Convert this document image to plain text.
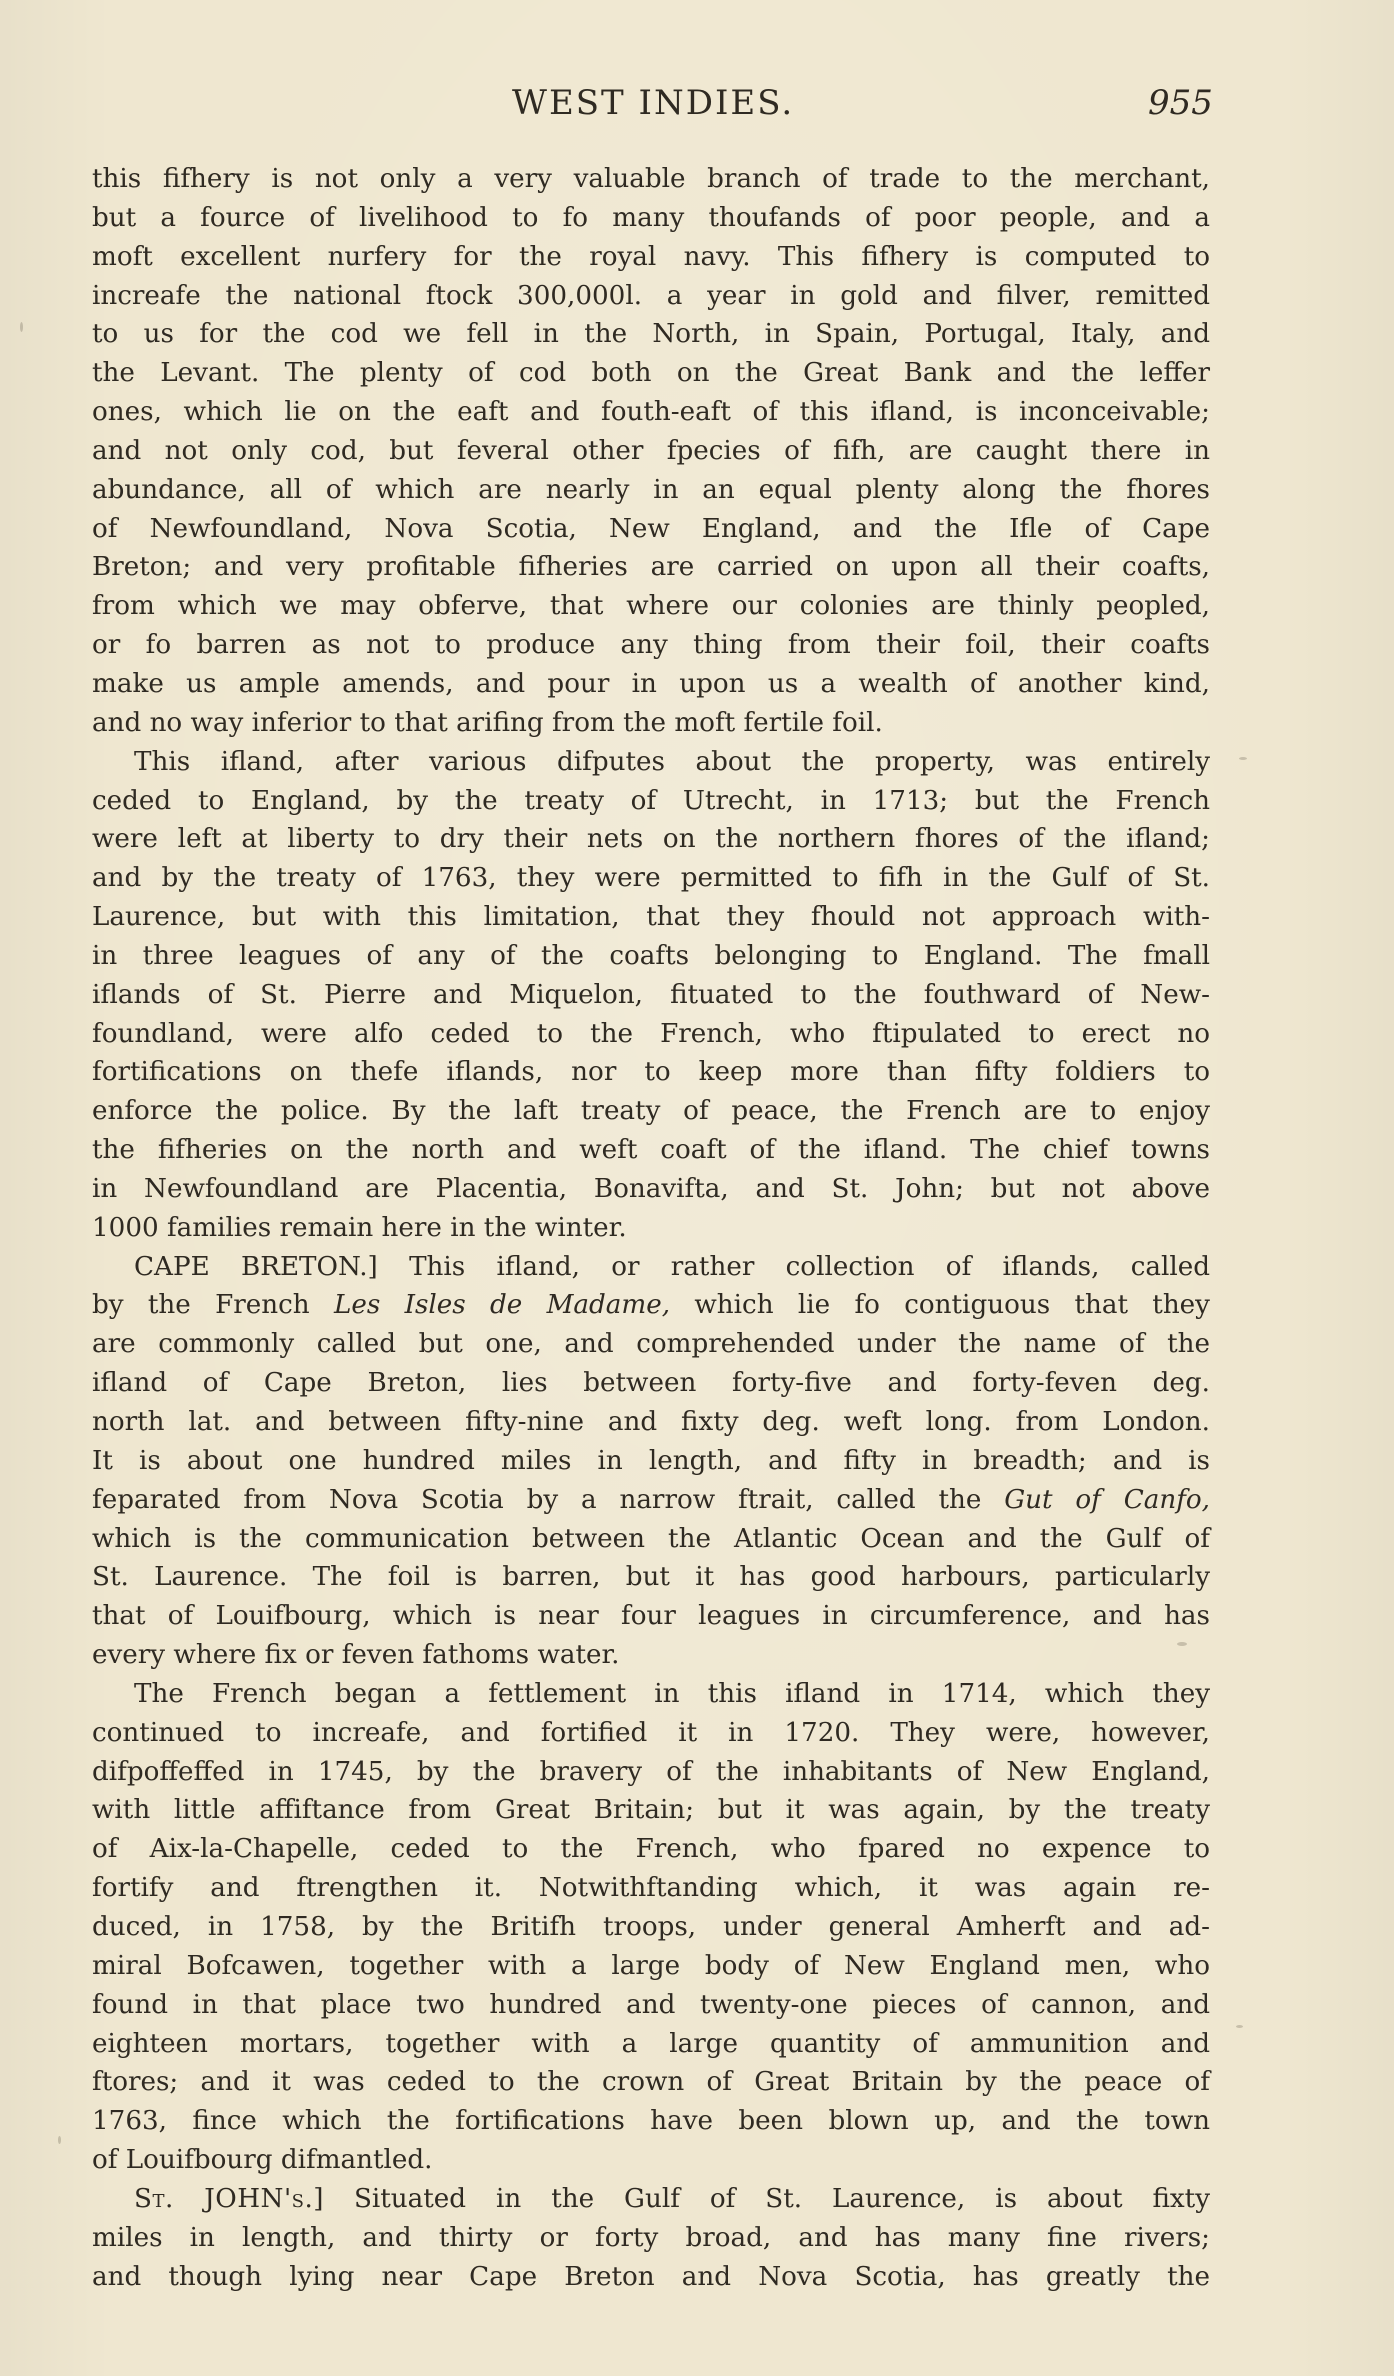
WEST INDIES.	955
this fifhery is not only a very valuable branch of trade to the merchant,
but a fource of livelihood to fo many thoufands of poor people, and a
moft excellent nurfery for the royal navy. This fifhery is computed to
increafe the national ftock 300,000l. a year in gold and filver, remitted
to us for the cod we fell in the North, in Spain, Portugal, Italy, and
the Levant. The plenty of cod both on the Great Bank and the leffer
ones, which lie on the eaft and fouth-eaft of this ifland, is inconceivable;
and not only cod, but feveral other fpecies of fifh, are caught there in
abundance, all of which are nearly in an equal plenty along the fhores
of Newfoundland, Nova Scotia, New England, and the Ifle of Cape
Breton; and very profitable fifheries are carried on upon all their coafts,
from which we may obferve, that where our colonies are thinly peopled,
or fo barren as not to produce any thing from their foil, their coafts
make us ample amends, and pour in upon us a wealth of another kind,
and no way inferior to that arifing from the moft fertile foil.
This ifland, after various difputes about the property, was entirely
ceded to England, by the treaty of Utrecht, in 1713; but the French
were left at liberty to dry their nets on the northern fhores of the ifland;
and by the treaty of 1763, they were permitted to fifh in the Gulf of St.
Laurence, but with this limitation, that they fhould not approach with-
in three leagues of any of the coafts belonging to England. The fmall
iflands of St. Pierre and Miquelon, fituated to the fouthward of New-
foundland, were alfo ceded to the French, who ftipulated to erect no
fortifications on thefe iflands, nor to keep more than fifty foldiers to
enforce the police. By the laft treaty of peace, the French are to enjoy
the fifheries on the north and weft coaft of the ifland. The chief towns
in Newfoundland are Placentia, Bonavifta, and St. John; but not above
1000 families remain here in the winter.
CAPE BRETON.] This ifland, or rather collection of iflands, called
by the French Les Isles de Madame, which lie fo contiguous that they
are commonly called but one, and comprehended under the name of the
ifland of Cape Breton, lies between forty-five and forty-feven deg.
north lat. and between fifty-nine and fixty deg. weft long. from London.
It is about one hundred miles in length, and fifty in breadth; and is
feparated from Nova Scotia by a narrow ftrait, called the Gut of Canfo,
which is the communication between the Atlantic Ocean and the Gulf of
St. Laurence. The foil is barren, but it has good harbours, particularly
that of Louifbourg, which is near four leagues in circumference, and has
every where fix or feven fathoms water.
The French began a fettlement in this ifland in 1714, which they
continued to increafe, and fortified it in 1720. They were, however,
difpoffeffed in 1745, by the bravery of the inhabitants of New England,
with little affiftance from Great Britain; but it was again, by the treaty
of Aix-la-Chapelle, ceded to the French, who fpared no expence to
fortify and ftrengthen it. Notwithftanding which, it was again re-
duced, in 1758, by the Britifh troops, under general Amherft and ad-
miral Bofcawen, together with a large body of New England men, who
found in that place two hundred and twenty-one pieces of cannon, and
eighteen mortars, together with a large quantity of ammunition and
ftores; and it was ceded to the crown of Great Britain by the peace of
1763, fince which the fortifications have been blown up, and the town
of Louifbourg difmantled.
St. JOHN's.] Situated in the Gulf of St. Laurence, is about fixty
miles in length, and thirty or forty broad, and has many fine rivers;
and though lying near Cape Breton and Nova Scotia, has greatly the
